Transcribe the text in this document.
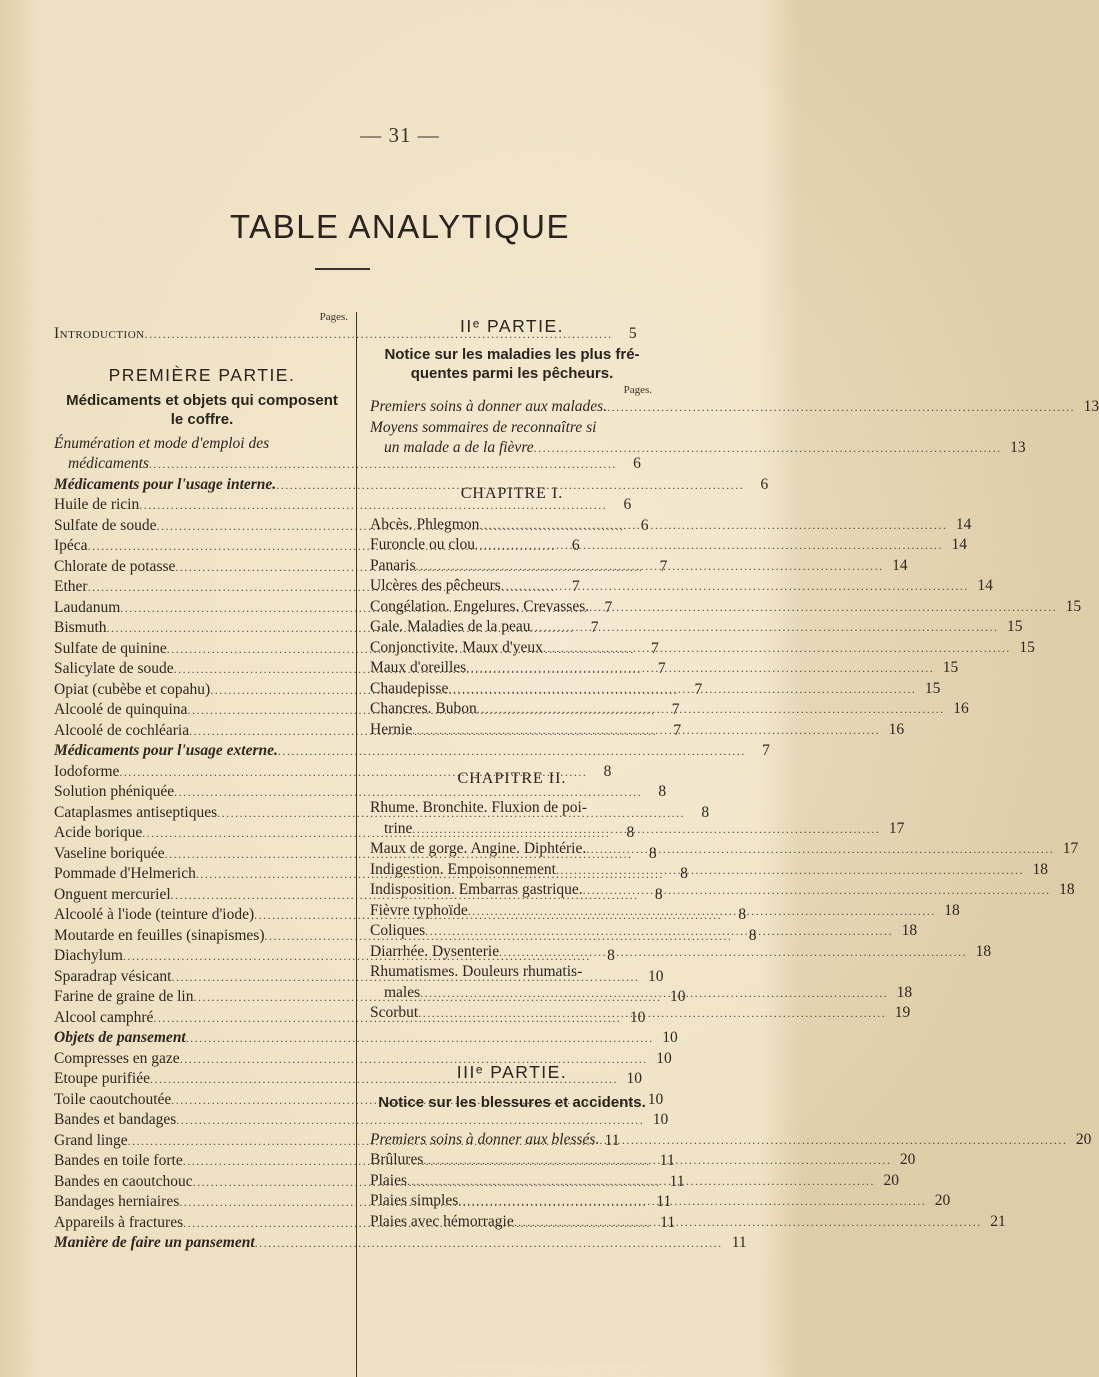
— 31 —
TABLE ANALYTIQUE
Pages.
Introduction .....	5
PREMIÈRE PARTIE.
Médicaments et objets qui composent
le coffre.
Énumération et mode d'emploi des
médicaments .....	6
Médicaments pour l'usage interne. .....	6
Huile de ricin .....	6
Sulfate de soude .....	6
Ipéca .....	6
Chlorate de potasse .....	7
Ether .....	7
Laudanum .....	7
Bismuth .....	7
Sulfate de quinine .....	7
Salicylate de soude .....	7
Opiat (cubèbe et copahu) .....	7
Alcoolé de quinquina .....	7
Alcoolé de cochléaria .....	7
Médicaments pour l'usage externe. .....	7
Iodoforme .....	8
Solution phéniquée .....	8
Cataplasmes antiseptiques .....	8
Acide borique .....	8
Vaseline boriquée .....	8
Pommade d'Helmerich .....	8
Onguent mercuriel .....	8
Alcoolé à l'iode (teinture d'iode) .....	8
Moutarde en feuilles (sinapismes) .....	8
Diachylum .....	8
Sparadrap vésicant .....	10
Farine de graine de lin .....	10
Alcool camphré .....	10
Objets de pansement .....	10
Compresses en gaze .....	10
Etoupe purifiée .....	10
Toile caoutchoutée .....	10
Bandes et bandages .....	10
Grand linge .....	11
Bandes en toile forte .....	11
Bandes en caoutchouc .....	11
Bandages herniaires .....	11
Appareils à fractures .....	11
Manière de faire un pansement .....	11
IIᵉ PARTIE.
Notice sur les maladies les plus fré-
quentes parmi les pêcheurs.
Pages.
Premiers soins à donner aux malades. .....	13
Moyens sommaires de reconnaître si
un malade a de la fièvre .....	13
CHAPITRE I.
Abcès. Phlegmon .....	14
Furoncle ou clou .....	14
Panaris .....	14
Ulcères des pêcheurs .....	14
Congélation. Engelures. Crevasses. .....	15
Gale. Maladies de la peau .....	15
Conjonctivite. Maux d'yeux .....	15
Maux d'oreilles .....	15
Chaudepisse .....	15
Chancres. Bubon .....	16
Hernie .....	16
CHAPITRE II.
Rhume. Bronchite. Fluxion de poi-
trine .....	17
Maux de gorge. Angine. Diphtérie. .....	17
Indigestion. Empoisonnement .....	18
Indisposition. Embarras gastrique. .....	18
Fièvre typhoïde .....	18
Coliques .....	18
Diarrhée. Dysenterie .....	18
Rhumatismes. Douleurs rhumatis-
males .....	18
Scorbut .....	19
IIIᵉ PARTIE.
Notice sur les blessures et accidents.
Premiers soins à donner aux blessés. .....	20
Brûlures .....	20
Plaies .....	20
Plaies simples .....	20
Plaies avec hémorragie .....	21
